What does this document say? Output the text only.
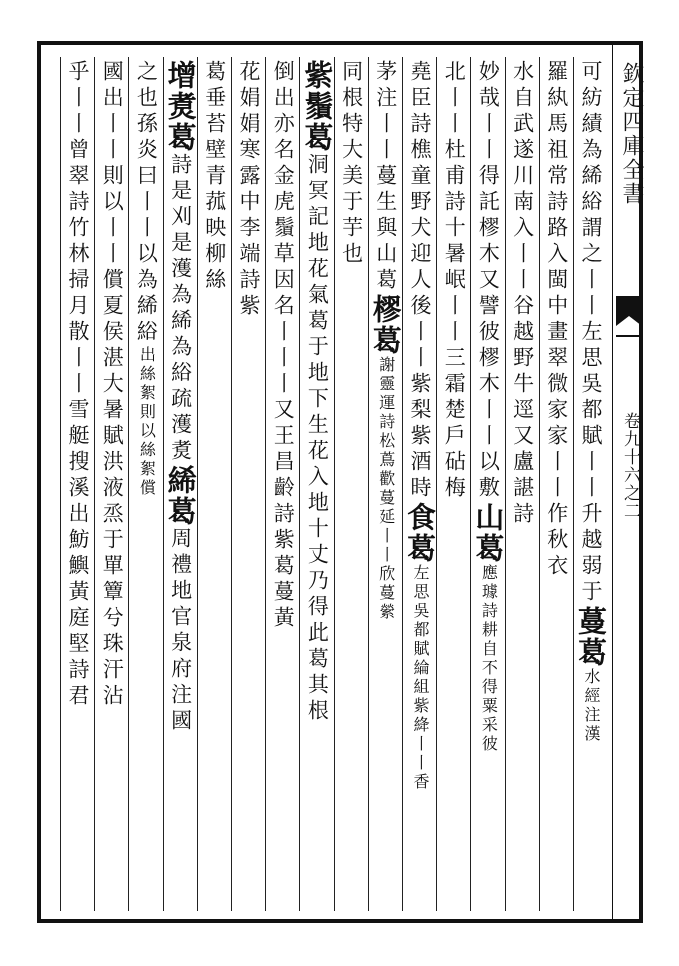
欽定四庫全書
卷九十六之二
可紡績為絺綌謂之丨丨左思吳都賦丨丨升越弱于蔓葛水經注漢
羅紈馬祖常詩路入閩中畫翠微家家丨丨作秋衣
水自武遂川南入丨丨谷越野牛逕又盧諶詩
妙哉丨丨得託樛木又譬彼樛木丨丨以敷山葛應璩詩耕自不得粟采彼
北丨丨杜甫詩十暑岷丨丨三霜楚戶砧梅
堯臣詩樵童野犬迎人後丨丨紫梨紫酒時食葛左思吳都賦綸組紫絳丨丨香
茅注丨丨蔓生與山葛樛葛謝靈運詩松蔦歡蔓延丨丨欣蔓縈
同根特大美于芋也
紫鬚葛洞冥記地花氣葛于地下生花入地十丈乃得此葛其根
倒出亦名金虎鬚草因名丨丨丨又王昌齡詩紫葛蔓黃
花娟娟寒露中李端詩紫
葛垂苔壁青菰映柳絲
增煑葛詩是刈是濩為絺為綌疏濩煑絺葛周禮地官泉府注國
之也孫炎曰丨丨以為絺綌出絲絮則以絲絮償
國出丨丨則以丨丨償夏侯湛大暑賦洪液烝于單簟兮珠汗沾
乎丨丨曾翠詩竹林掃月散丨丨雪艇搜溪出魴鱮黃庭堅詩君
